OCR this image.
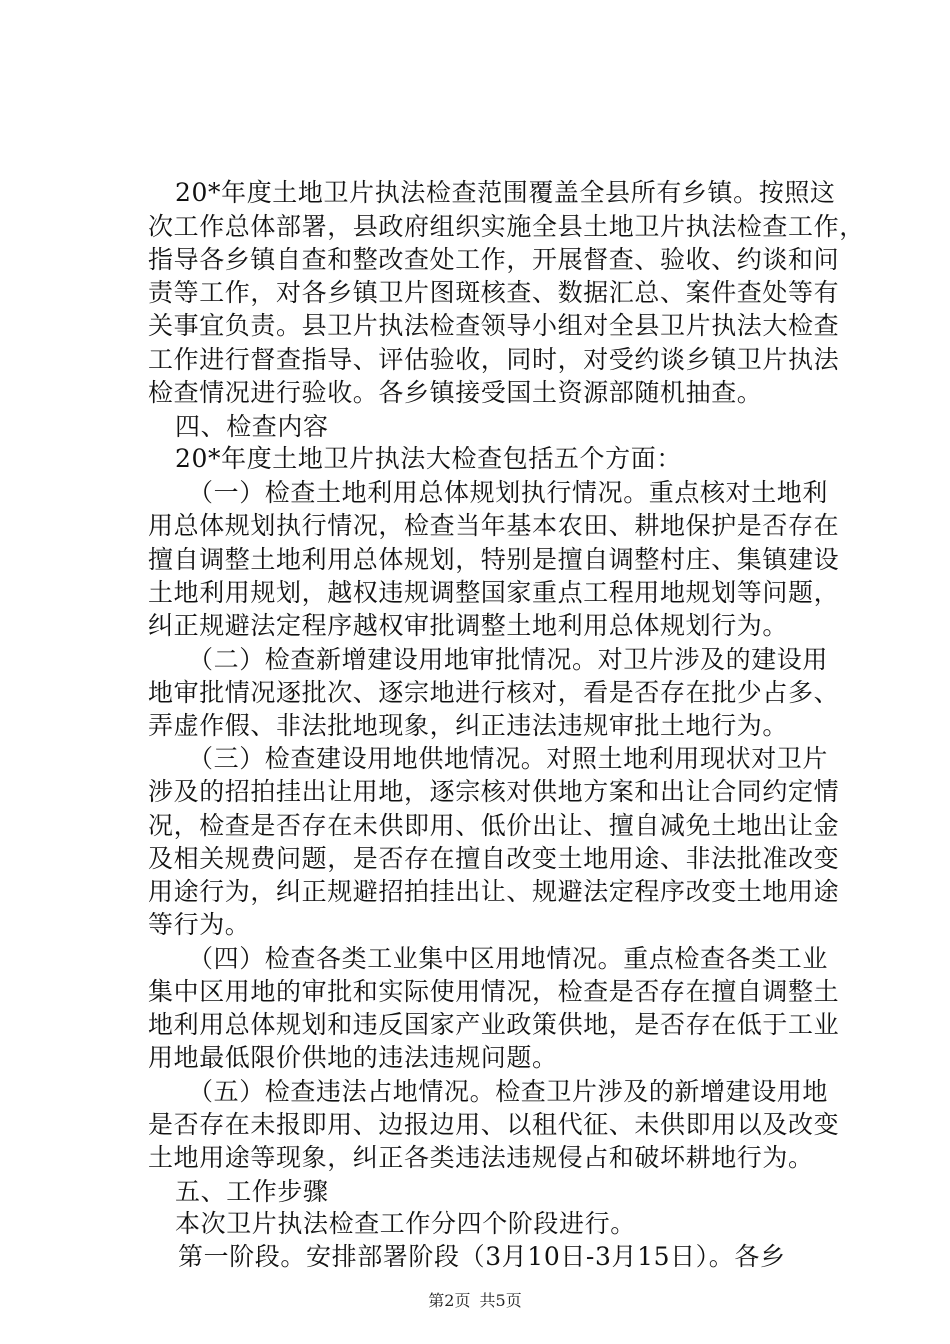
20*年度土地卫片执法检查范围覆盖全县所有乡镇。按照这
次工作总体部署，县政府组织实施全县土地卫片执法检查工作，
指导各乡镇自查和整改查处工作，开展督查、验收、约谈和问
责等工作，对各乡镇卫片图斑核查、数据汇总、案件查处等有
关事宜负责。县卫片执法检查领导小组对全县卫片执法大检查
工作进行督查指导、评估验收，同时，对受约谈乡镇卫片执法
检查情况进行验收。各乡镇接受国土资源部随机抽查。
四、检查内容
20*年度土地卫片执法大检查包括五个方面：
（一）检查土地利用总体规划执行情况。重点核对土地利
用总体规划执行情况，检查当年基本农田、耕地保护是否存在
擅自调整土地利用总体规划，特别是擅自调整村庄、集镇建设
土地利用规划，越权违规调整国家重点工程用地规划等问题，
纠正规避法定程序越权审批调整土地利用总体规划行为。
（二）检查新增建设用地审批情况。对卫片涉及的建设用
地审批情况逐批次、逐宗地进行核对，看是否存在批少占多、
弄虚作假、非法批地现象，纠正违法违规审批土地行为。
（三）检查建设用地供地情况。对照土地利用现状对卫片
涉及的招拍挂出让用地，逐宗核对供地方案和出让合同约定情
况，检查是否存在未供即用、低价出让、擅自减免土地出让金
及相关规费问题，是否存在擅自改变土地用途、非法批准改变
用途行为，纠正规避招拍挂出让、规避法定程序改变土地用途
等行为。
（四）检查各类工业集中区用地情况。重点检查各类工业
集中区用地的审批和实际使用情况，检查是否存在擅自调整土
地利用总体规划和违反国家产业政策供地，是否存在低于工业
用地最低限价供地的违法违规问题。
（五）检查违法占地情况。检查卫片涉及的新增建设用地
是否存在未报即用、边报边用、以租代征、未供即用以及改变
土地用途等现象，纠正各类违法违规侵占和破坏耕地行为。
五、工作步骤
本次卫片执法检查工作分四个阶段进行。
第一阶段。安排部署阶段（3月10日-3月15日）。各乡
第2页 共5页
